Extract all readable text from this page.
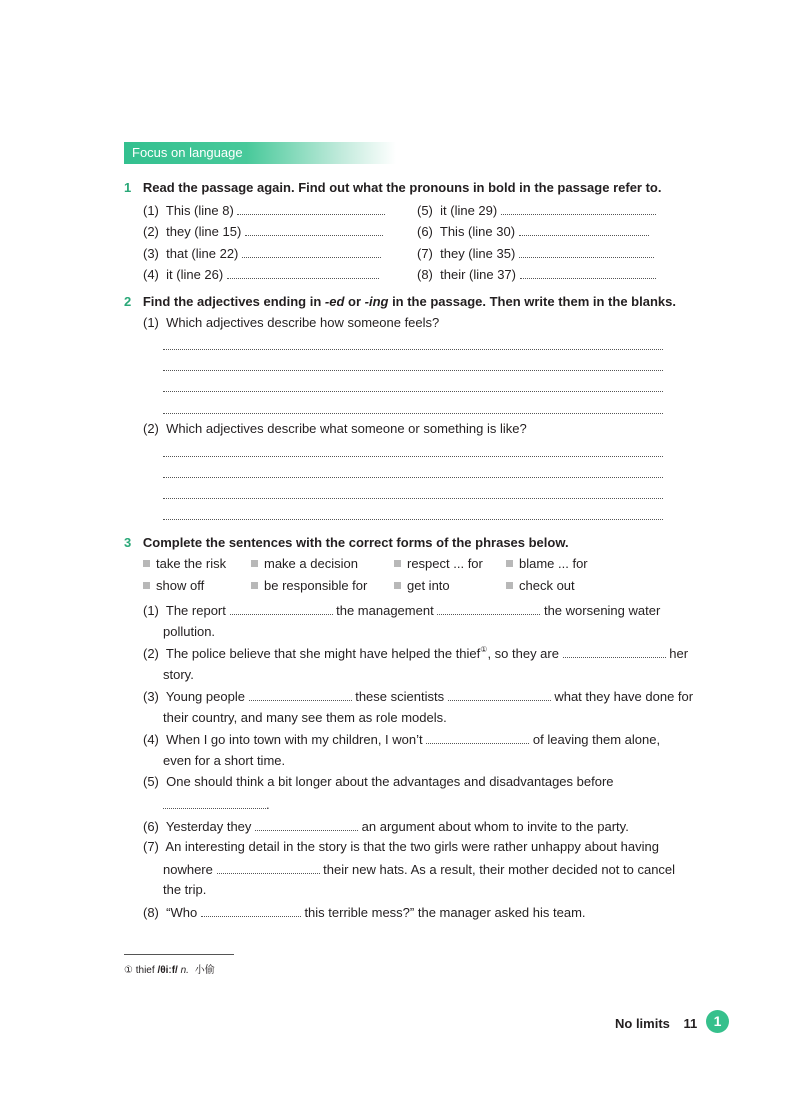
Focus on language
1 Read the passage again. Find out what the pronouns in bold in the passage refer to.
(1) This (line 8)
(2) they (line 15)
(3) that (line 22)
(4) it (line 26)
(5) it (line 29)
(6) This (line 30)
(7) they (line 35)
(8) their (line 37)
2 Find the adjectives ending in -ed or -ing in the passage. Then write them in the blanks.
(1) Which adjectives describe how someone feels?
(2) Which adjectives describe what someone or something is like?
3 Complete the sentences with the correct forms of the phrases below.
take the risk	make a decision	respect ... for	blame ... for
show off	be responsible for	get into	check out
(1) The report	the management	the worsening water
pollution.
(2) The police believe that she might have helped the thief①, so they are	her
story.
(3) Young people	these scientists	what they have done for
their country, and many see them as role models.
(4) When I go into town with my children, I won’t	of leaving them alone,
even for a short time.
(5) One should think a bit longer about the advantages and disadvantages before
.
(6) Yesterday they	an argument about whom to invite to the party.
(7) An interesting detail in the story is that the two girls were rather unhappy about having
nowhere	their new hats. As a result, their mother decided not to cancel
the trip.
(8) “Who	this terrible mess?” the manager asked his team.
① thief /θiːf/ n. 小偷
No limits 11	1
